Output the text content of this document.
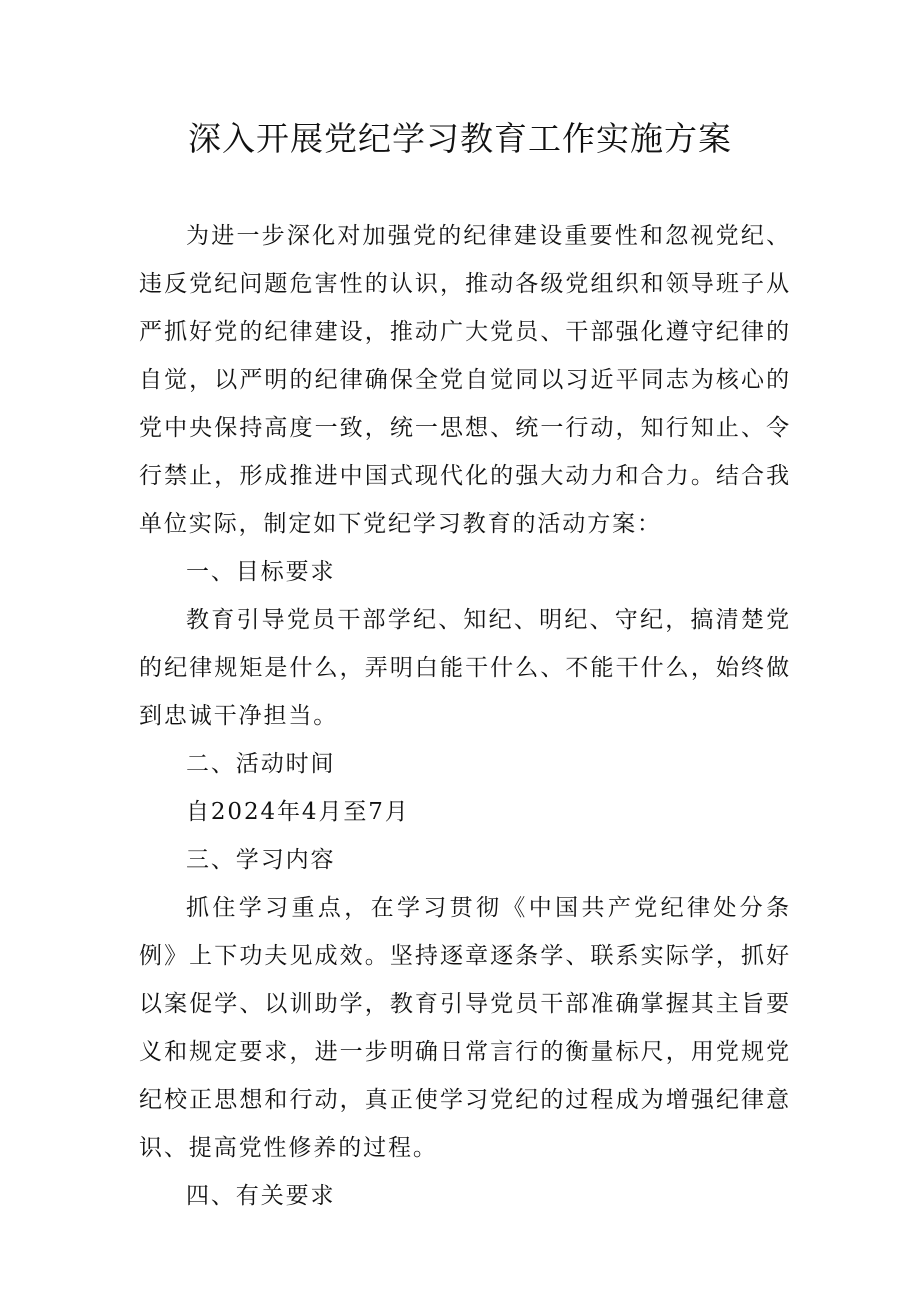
深入开展党纪学习教育工作实施方案

为进一步深化对加强党的纪律建设重要性和忽视党纪、违反党纪问题危害性的认识，推动各级党组织和领导班子从严抓好党的纪律建设，推动广大党员、干部强化遵守纪律的自觉，以严明的纪律确保全党自觉同以习近平同志为核心的党中央保持高度一致，统一思想、统一行动，知行知止、令行禁止，形成推进中国式现代化的强大动力和合力。结合我单位实际，制定如下党纪学习教育的活动方案：

一、目标要求

教育引导党员干部学纪、知纪、明纪、守纪，搞清楚党的纪律规矩是什么，弄明白能干什么、不能干什么，始终做到忠诚干净担当。

二、活动时间

自2024年4月至7月

三、学习内容

抓住学习重点，在学习贯彻《中国共产党纪律处分条例》上下功夫见成效。坚持逐章逐条学、联系实际学，抓好以案促学、以训助学，教育引导党员干部准确掌握其主旨要义和规定要求，进一步明确日常言行的衡量标尺，用党规党纪校正思想和行动，真正使学习党纪的过程成为增强纪律意识、提高党性修养的过程。

四、有关要求
